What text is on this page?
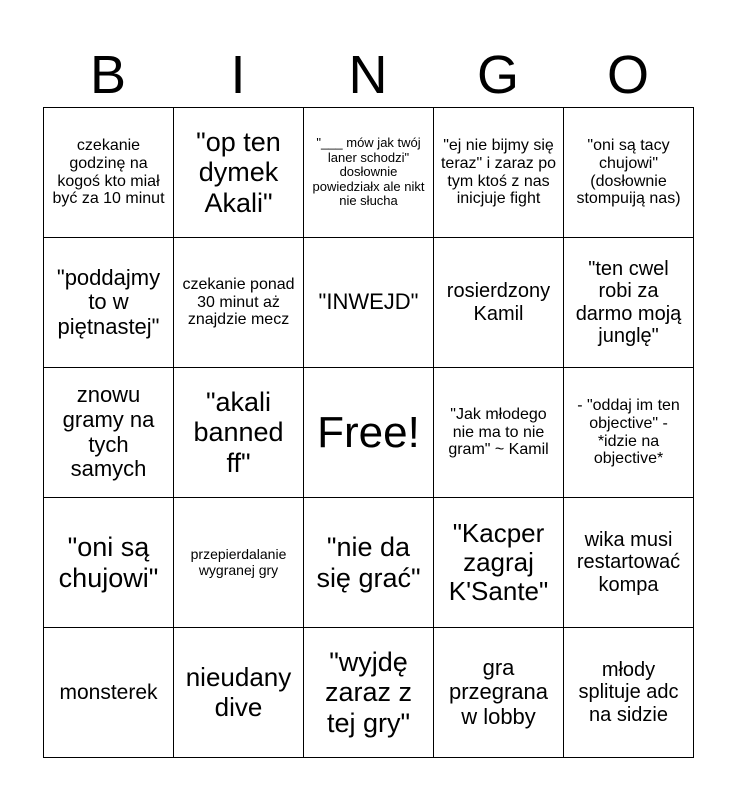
B	I	N	G	O
czekanie godzinę na kogoś kto miał być za 10 minut	"op ten dymek Akali"	"___ mów jak twój laner schodzi" dosłownie powiedziałx ale nikt nie słucha	"ej nie bijmy się teraz" i zaraz po tym ktoś z nas inicjuje fight	"oni są tacy chujowi" (dosłownie stompuiją nas)
"poddajmy to w piętnastej"	czekanie ponad 30 minut aż znajdzie mecz	"INWEJD"	rosierdzony Kamil	"ten cwel robi za darmo moją junglę"
znowu gramy na tych samych	"akali banned ff"	Free!	"Jak młodego nie ma to nie gram" ~ Kamil	- "oddaj im ten objective" -*idzie na objective*
"oni są chujowi"	przepierdalanie wygranej gry	"nie da się grać"	"Kacper zagraj K'Sante"	wika musi restartować kompa
monsterek	nieudany dive	"wyjdę zaraz z tej gry"	gra przegrana w lobby	młody splituje adc na sidzie
